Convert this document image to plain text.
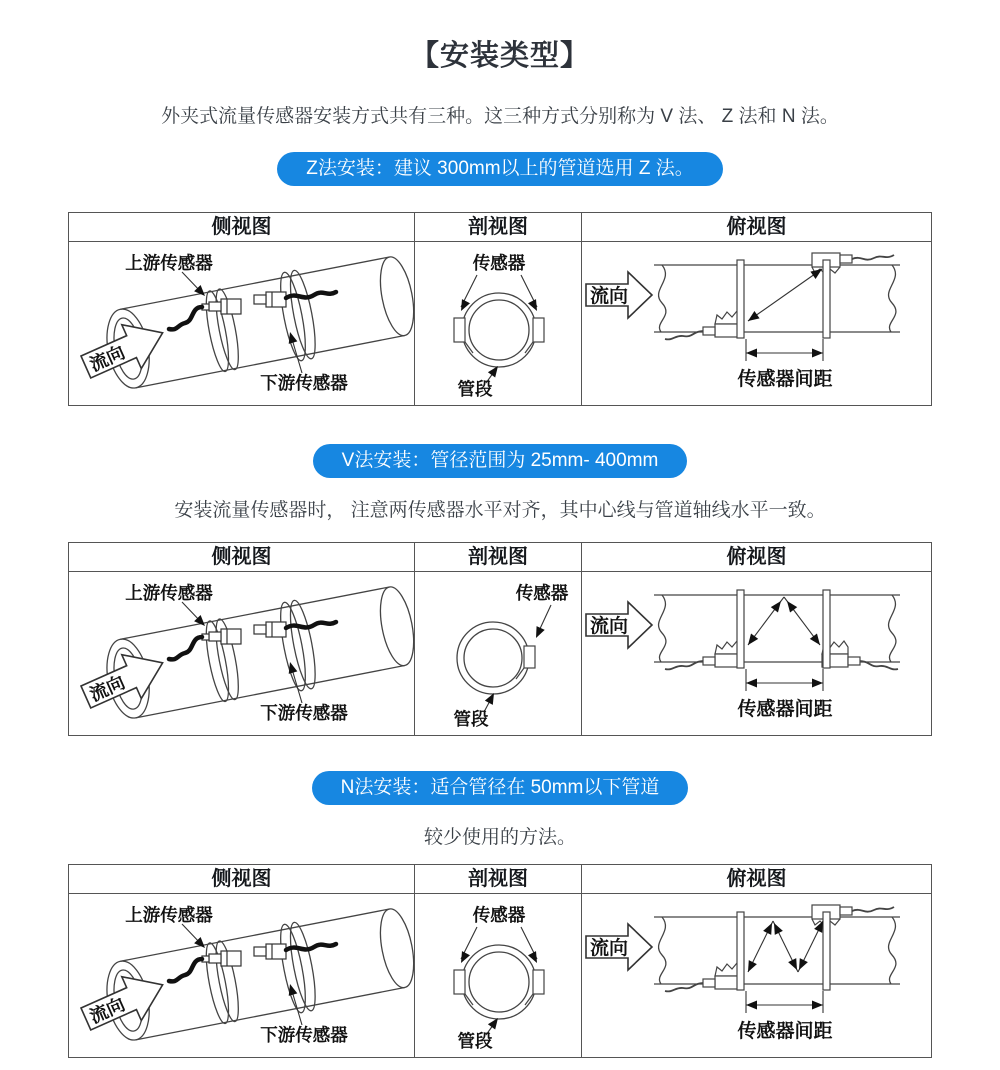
【安装类型】
外夹式流量传感器安装方式共有三种。这三种方式分别称为 V 法、 Z 法和 N 法。
Z法安装：建议 300mm以上的管道选用 Z 法。
侧视图	剖视图	俯视图
流向
上游传感器
下游传感器
传感器
管段
流向
传感器间距
V法安装：管径范围为 25mm- 400mm
安装流量传感器时， 注意两传感器水平对齐，其中心线与管道轴线水平一致。
侧视图	剖视图	俯视图
流向
上游传感器
下游传感器
传感器
管段
流向
传感器间距
N法安装：适合管径在 50mm以下管道
较少使用的方法。
侧视图	剖视图	俯视图
流向
上游传感器
下游传感器
传感器
管段
流向
传感器间距
